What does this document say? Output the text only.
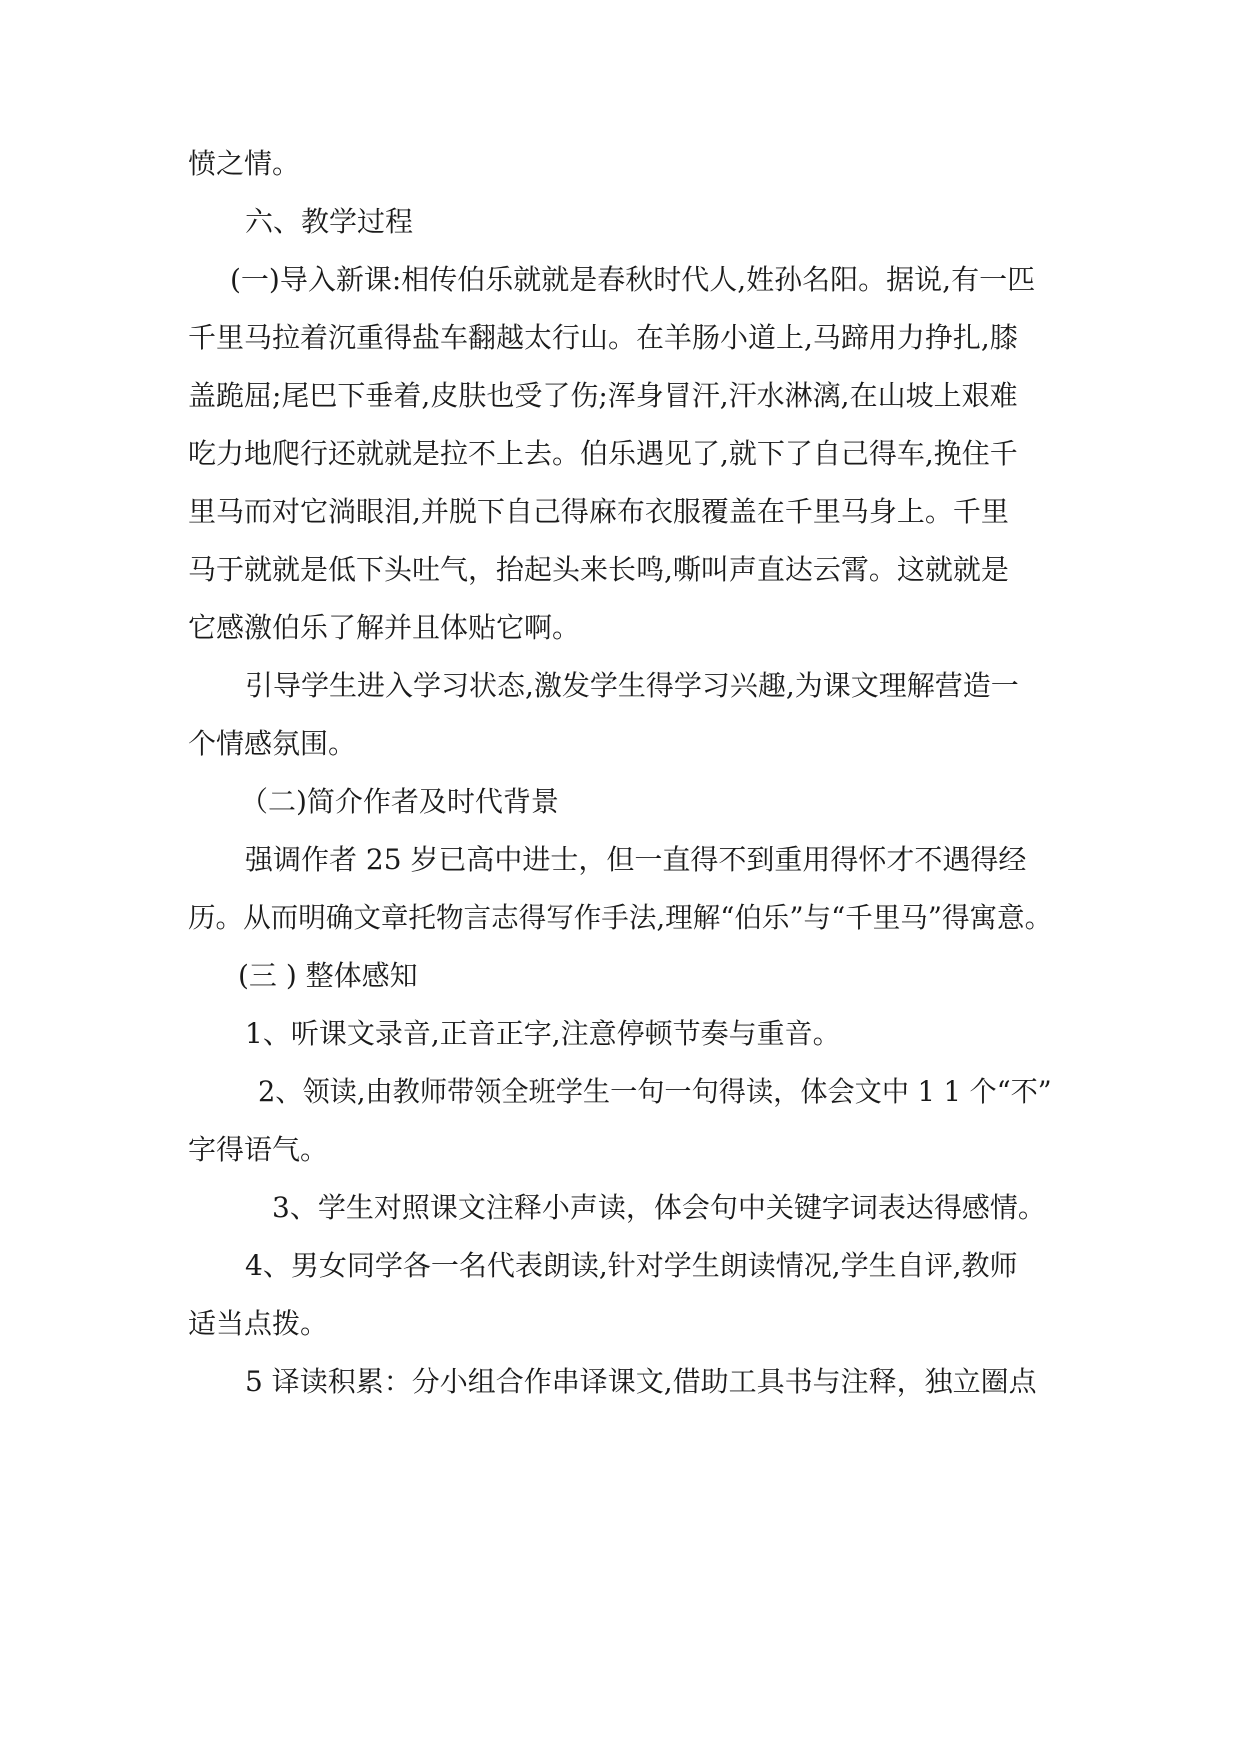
愤之情。
六、教学过程
(一)导入新课:相传伯乐就就是春秋时代人,姓孙名阳。据说,有一匹
千里马拉着沉重得盐车翻越太行山。在羊肠小道上,马蹄用力挣扎,膝
盖跪屈;尾巴下垂着,皮肤也受了伤;浑身冒汗,汗水淋漓,在山坡上艰难
吃力地爬行还就就是拉不上去。伯乐遇见了,就下了自己得车,挽住千
里马而对它淌眼泪,并脱下自己得麻布衣服覆盖在千里马身上。千里
马于就就是低下头吐气，抬起头来长鸣,嘶叫声直达云霄。这就就是
它感激伯乐了解并且体贴它啊。
引导学生进入学习状态,激发学生得学习兴趣,为课文理解营造一
个情感氛围。
（二)简介作者及时代背景
强调作者 25 岁已高中进士，但一直得不到重用得怀才不遇得经
历。从而明确文章托物言志得写作手法,理解“伯乐”与“千里马”得寓意。
(三 ) 整体感知
1、听课文录音,正音正字,注意停顿节奏与重音。
2、领读,由教师带领全班学生一句一句得读，体会文中 1 1 个“不”
字得语气。
3、学生对照课文注释小声读，体会句中关键字词表达得感情。
4、男女同学各一名代表朗读,针对学生朗读情况,学生自评,教师
适当点拨。
5 译读积累：分小组合作串译课文,借助工具书与注释，独立圈点
